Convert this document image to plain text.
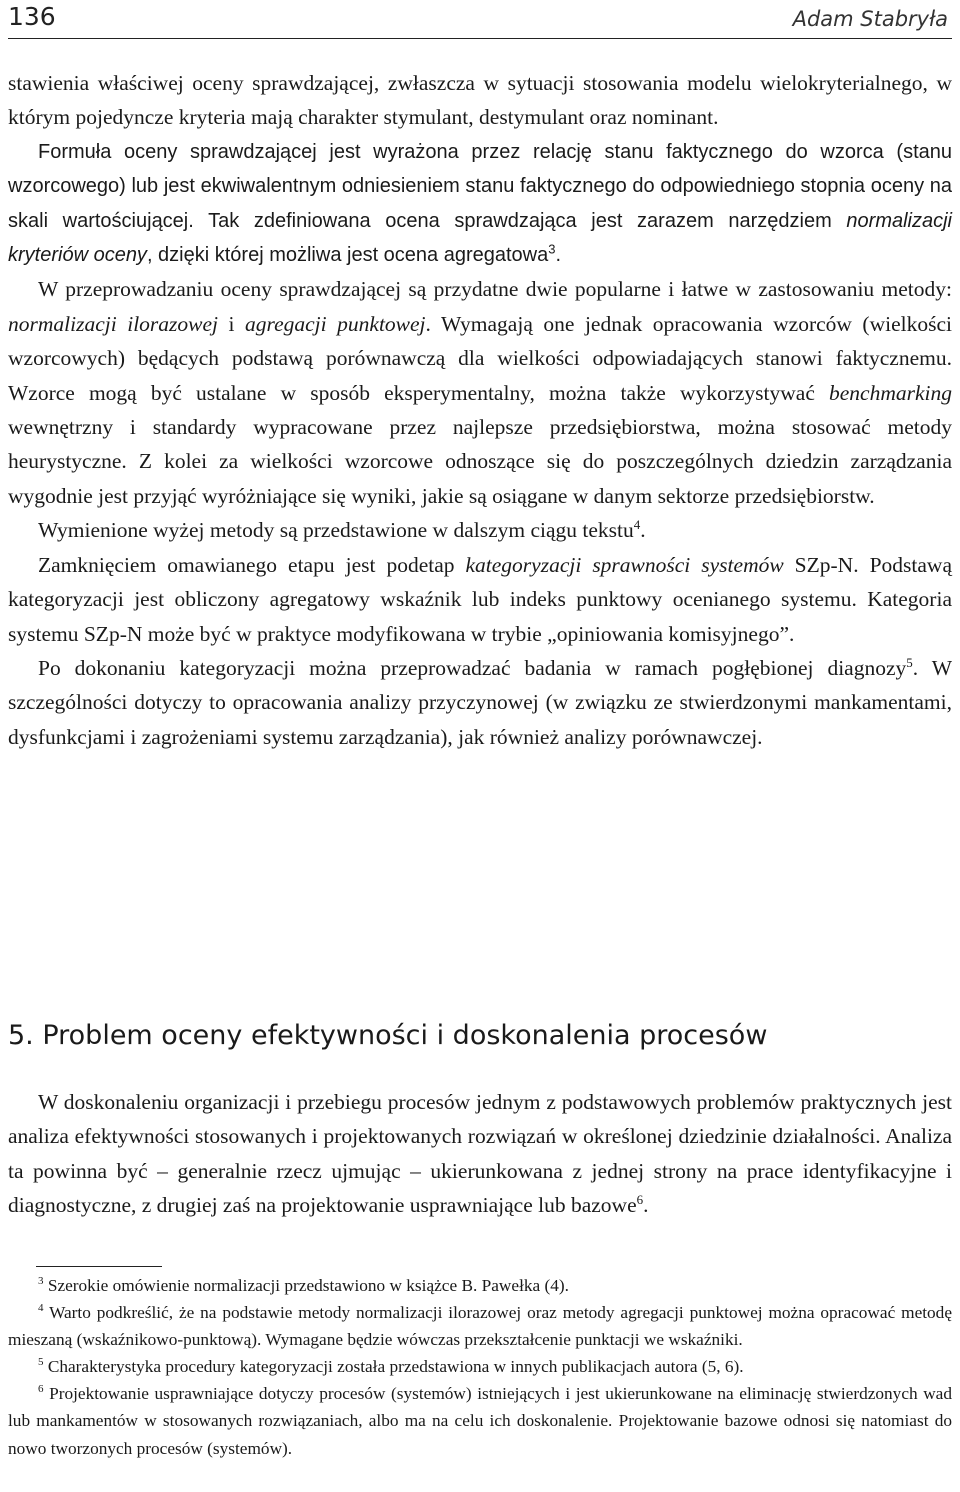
136	Adam Stabryła

stawienia właściwej oceny sprawdzającej, zwłaszcza w sytuacji stosowania modelu wielokryterialnego, w którym pojedyncze kryteria mają charakter stymulant, destymulant oraz nominant.

Formuła oceny sprawdzającej jest wyrażona przez relację stanu faktycznego do wzorca (stanu wzorcowego) lub jest ekwiwalentnym odniesieniem stanu faktycznego do odpowiedniego stopnia oceny na skali wartościującej. Tak zdefiniowana ocena sprawdzająca jest zarazem narzędziem normalizacji kryteriów oceny, dzięki której możliwa jest ocena agregatowa$^3$.

W przeprowadzaniu oceny sprawdzającej są przydatne dwie popularne i łatwe w zastosowaniu metody: normalizacji ilorazowej i agregacji punktowej. Wymagają one jednak opracowania wzorców (wielkości wzorcowych) będących podstawą porównawczą dla wielkości odpowiadających stanowi faktycznemu. Wzorce mogą być ustalane w sposób eksperymentalny, można także wykorzystywać benchmarking wewnętrzny i standardy wypracowane przez najlepsze przedsiębiorstwa, można stosować metody heurystyczne. Z kolei za wielkości wzorcowe odnoszące się do poszczególnych dziedzin zarządzania wygodnie jest przyjąć wyróżniające się wyniki, jakie są osiągane w danym sektorze przedsiębiorstw.

Wymienione wyżej metody są przedstawione w dalszym ciągu tekstu$^4$.

Zamknięciem omawianego etapu jest podetap kategoryzacji sprawności systemów SZp-N. Podstawą kategoryzacji jest obliczony agregatowy wskaźnik lub indeks punktowy ocenianego systemu. Kategoria systemu SZp-N może być w praktyce modyfikowana w trybie „opiniowania komisyjnego”.

Po dokonaniu kategoryzacji można przeprowadzać badania w ramach pogłębionej diagnozy$^5$. W szczególności dotyczy to opracowania analizy przyczynowej (w związku ze stwierdzonymi mankamentami, dysfunkcjami i zagrożeniami systemu zarządzania), jak również analizy porównawczej.

5. Problem oceny efektywności i doskonalenia procesów

W doskonaleniu organizacji i przebiegu procesów jednym z podstawowych problemów praktycznych jest analiza efektywności stosowanych i projektowanych rozwiązań w określonej dziedzinie działalności. Analiza ta powinna być – generalnie rzecz ujmując – ukierunkowana z jednej strony na prace identyfikacyjne i diagnostyczne, z drugiej zaś na projektowanie usprawniające lub bazowe$^6$.

$^3$ Szerokie omówienie normalizacji przedstawiono w książce B. Pawełka (4).

$^4$ Warto podkreślić, że na podstawie metody normalizacji ilorazowej oraz metody agregacji punktowej można opracować metodę mieszaną (wskaźnikowo-punktową). Wymagane będzie wówczas przekształcenie punktacji we wskaźniki.

$^5$ Charakterystyka procedury kategoryzacji została przedstawiona w innych publikacjach autora (5, 6).

$^6$ Projektowanie usprawniające dotyczy procesów (systemów) istniejących i jest ukierunkowane na eliminację stwierdzonych wad lub mankamentów w stosowanych rozwiązaniach, albo ma na celu ich doskonalenie. Projektowanie bazowe odnosi się natomiast do nowo tworzonych procesów (systemów).
